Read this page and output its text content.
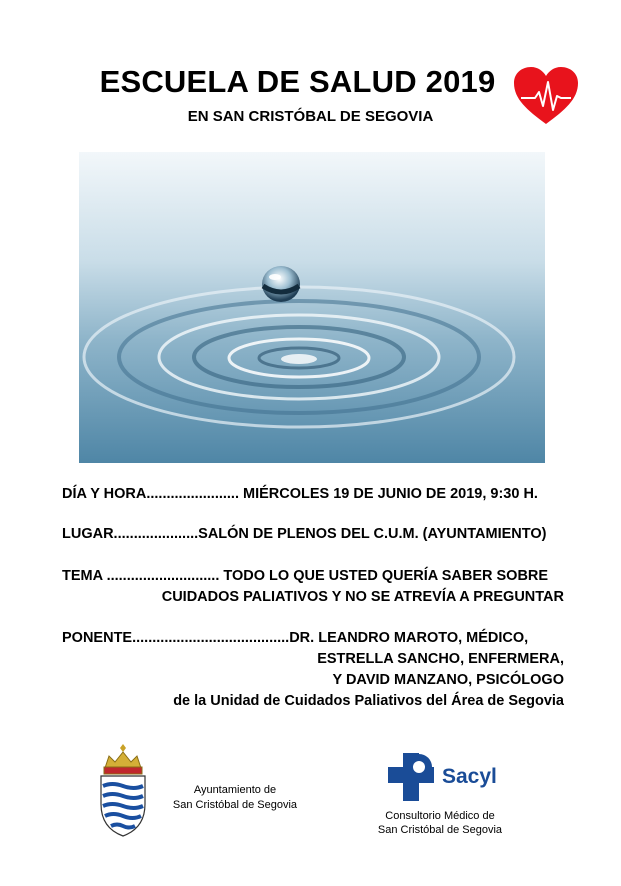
ESCUELA DE SALUD 2019
EN SAN CRISTÓBAL DE SEGOVIA
DÍA Y HORA....................... MIÉRCOLES 19 DE JUNIO DE 2019, 9:30 H.
LUGAR.....................SALÓN DE PLENOS DEL C.U.M. (AYUNTAMIENTO)
TEMA ............................ TODO LO QUE USTED QUERÍA SABER SOBRE
CUIDADOS PALIATIVOS Y NO SE ATREVÍA A PREGUNTAR
PONENTE.......................................DR. LEANDRO MAROTO, MÉDICO,
ESTRELLA SANCHO, ENFERMERA,
Y DAVID MANZANO, PSICÓLOGO
de la Unidad de Cuidados Paliativos del Área de Segovia
Ayuntamiento de
San Cristóbal de Segovia
Sacyl
Consultorio Médico de
San Cristóbal de Segovia
